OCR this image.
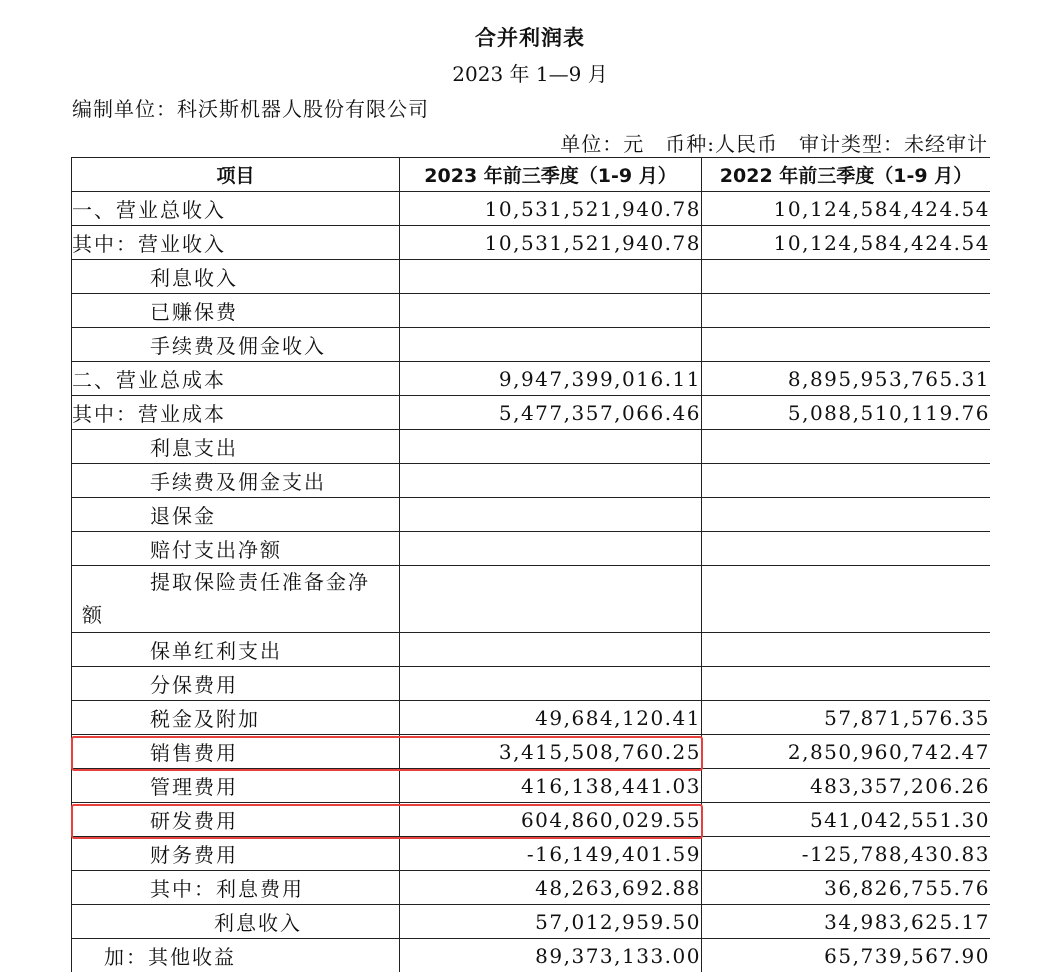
合并利润表
2023 年 1—9 月
编制单位：科沃斯机器人股份有限公司
单位：元　币种:人民币　审计类型：未经审计
项目	2023 年前三季度（1-9 月）	2022 年前三季度（1-9 月）
一、营业总收入	10,531,521,940.78	10,124,584,424.54
其中：营业收入	10,531,521,940.78	10,124,584,424.54
利息收入		
已赚保费		
手续费及佣金收入		
二、营业总成本	9,947,399,016.11	8,895,953,765.31
其中：营业成本	5,477,357,066.46	5,088,510,119.76
利息支出		
手续费及佣金支出		
退保金		
赔付支出净额		

提取保险责任准备金净
额		

保单红利支出		
分保费用		
税金及附加	49,684,120.41	57,871,576.35
销售费用	3,415,508,760.25	2,850,960,742.47
管理费用	416,138,441.03	483,357,206.26
研发费用	604,860,029.55	541,042,551.30
财务费用	-16,149,401.59	-125,788,430.83
其中：利息费用	48,263,692.88	36,826,755.76
利息收入	57,012,959.50	34,983,625.17
加：其他收益	89,373,133.00	65,739,567.90
